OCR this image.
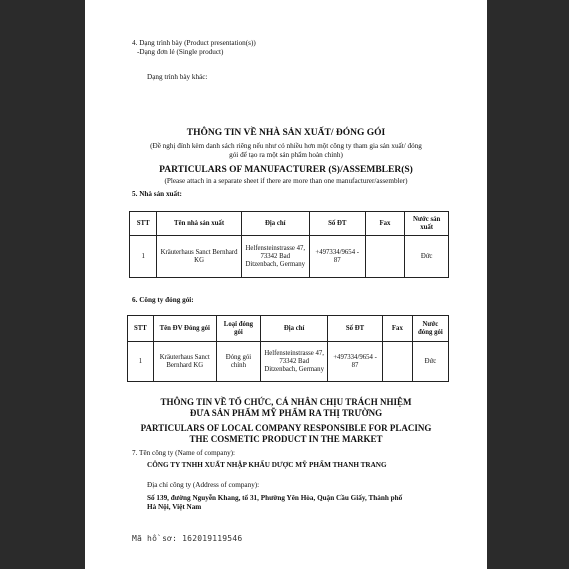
4. Dạng trình bày (Product presentation(s))
-Dạng đơn lẻ (Single product)
Dạng trình bày khác:
THÔNG TIN VỀ NHÀ SẢN XUẤT/ ĐÓNG GÓI
(Đề nghị đính kèm danh sách riêng nếu như có nhiều hơn một công ty tham gia sản xuất/ đóng
gói để tạo ra một sản phẩm hoàn chỉnh)
PARTICULARS OF MANUFACTURER (S)/ASSEMBLER(S)
(Please attach in a separate sheet if there are more than one manufacturer/assembler)
5. Nhà sản xuất:
STT	Tên nhà sản xuất	Địa chỉ	Số ĐT	Fax	Nước sản xuất
1	Kräuterhaus Sanct Bernhard KG	Helfensteinstrasse 47, 73342 Bad Ditzenbach, Germany	+497334/9654 - 87		Đức
6. Công ty đóng gói:
STT	Tên ĐV Đóng gói	Loại đóng gói	Địa chỉ	Số ĐT	Fax	Nước đóng gói
1	Kräuterhaus Sanct Bernhard KG	Đóng gói chính	Helfensteinstrasse 47, 73342 Bad Ditzenbach, Germany	+497334/9654 - 87		Đức
THÔNG TIN VỀ TỔ CHỨC, CÁ NHÂN CHỊU TRÁCH NHIỆM
ĐƯA SẢN PHẨM MỸ PHẨM RA THỊ TRƯỜNG
PARTICULARS OF LOCAL COMPANY RESPONSIBLE FOR PLACING
THE COSMETIC PRODUCT IN THE MARKET
7. Tên công ty (Name of company):
CÔNG TY TNHH XUẤT NHẬP KHẨU DƯỢC MỸ PHẨM THANH TRANG
Địa chỉ công ty (Address of company):
Số 139, đường Nguyễn Khang, tổ 31, Phường Yên Hòa, Quận Cầu Giấy, Thành phố
Hà Nội, Việt Nam
Mã hồ sơ: 162019119546
